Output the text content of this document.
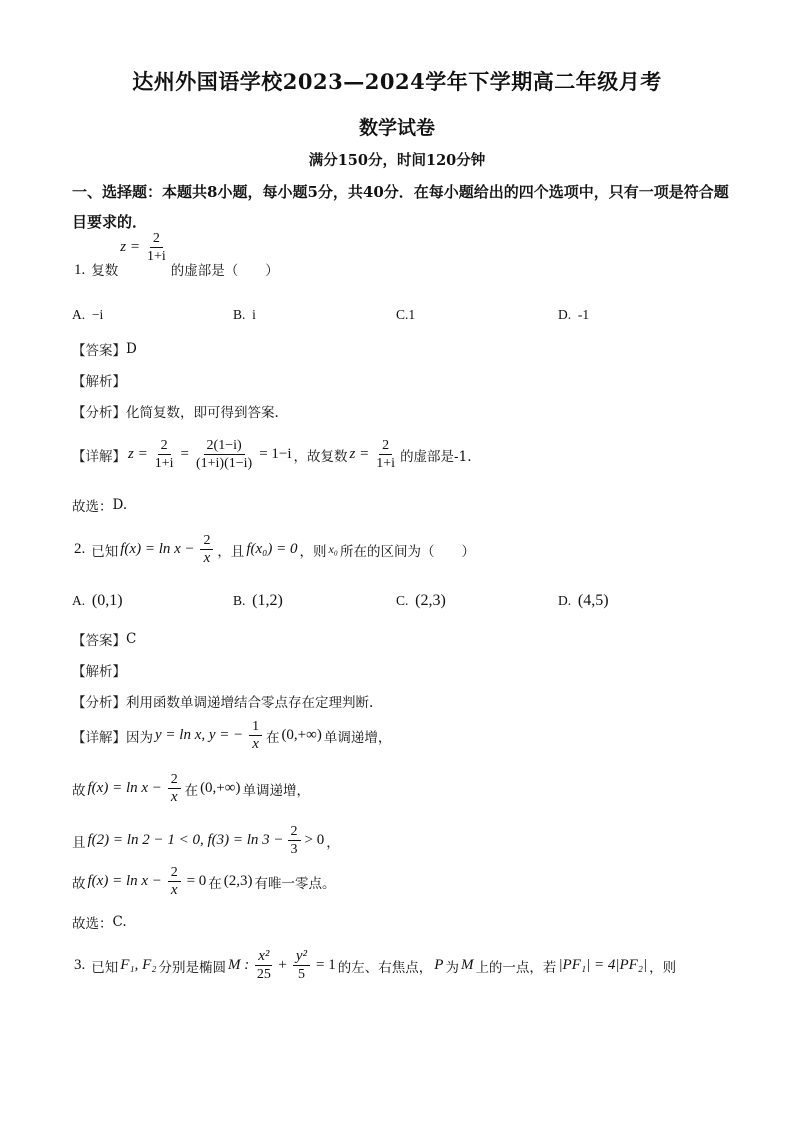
达州外国语学校2023—2024学年下学期高二年级月考
数学试卷
满分150分，时间120分钟
一、选择题：本题共8小题，每小题5分，共40分．在每小题给出的四个选项中，只有一项是符合题目要求的．
1. 复数
$z = \frac{2}{1+i}$
的虚部是（　　）
A. −i	B. i	C.1	D. -1
【答案】 D
【解析】
【分析】 化简复数，即可得到答案.
【详解】 $z = \frac{2}{1+i} = \frac{2(1-i)}{(1+i)(1-i)} = 1-i$ ，故复数 $z = \frac{2}{1+i}$ 的虚部是-1.
故选： D.
2. 已知 $f(x) = \ln x - \frac{2}{x}$ ，且 f(x₀) = 0 ，则 x₀ 所在的区间为（　　）
A. (0,1)	B. (1,2)	C. (2,3)	D. (4,5)
【答案】 C
【解析】
【分析】 利用函数单调递增结合零点存在定理判断.
【详解】 因为 y = ln x, y = − $\frac{1}{x}$ 在 (0,+∞) 单调递增，
故 $f(x) = \ln x - \frac{2}{x}$ 在 (0,+∞) 单调递增，
且 f(2) = ln 2 − 1 < 0, $f(3) = \ln 3 - \frac{2}{3} > 0$ ，
故 $f(x) = \ln x - \frac{2}{x} = 0$ 在 (2,3) 有唯一零点。
故选： C.
3. 已知 F₁, F₂ 分别是椭圆 M : $\frac{\text{x²}}{25} + \frac{\text{y²}}{5} = 1$ 的左、右焦点， P 为 M 上的一点，若 |PF₁| = 4|PF₂| ，则
